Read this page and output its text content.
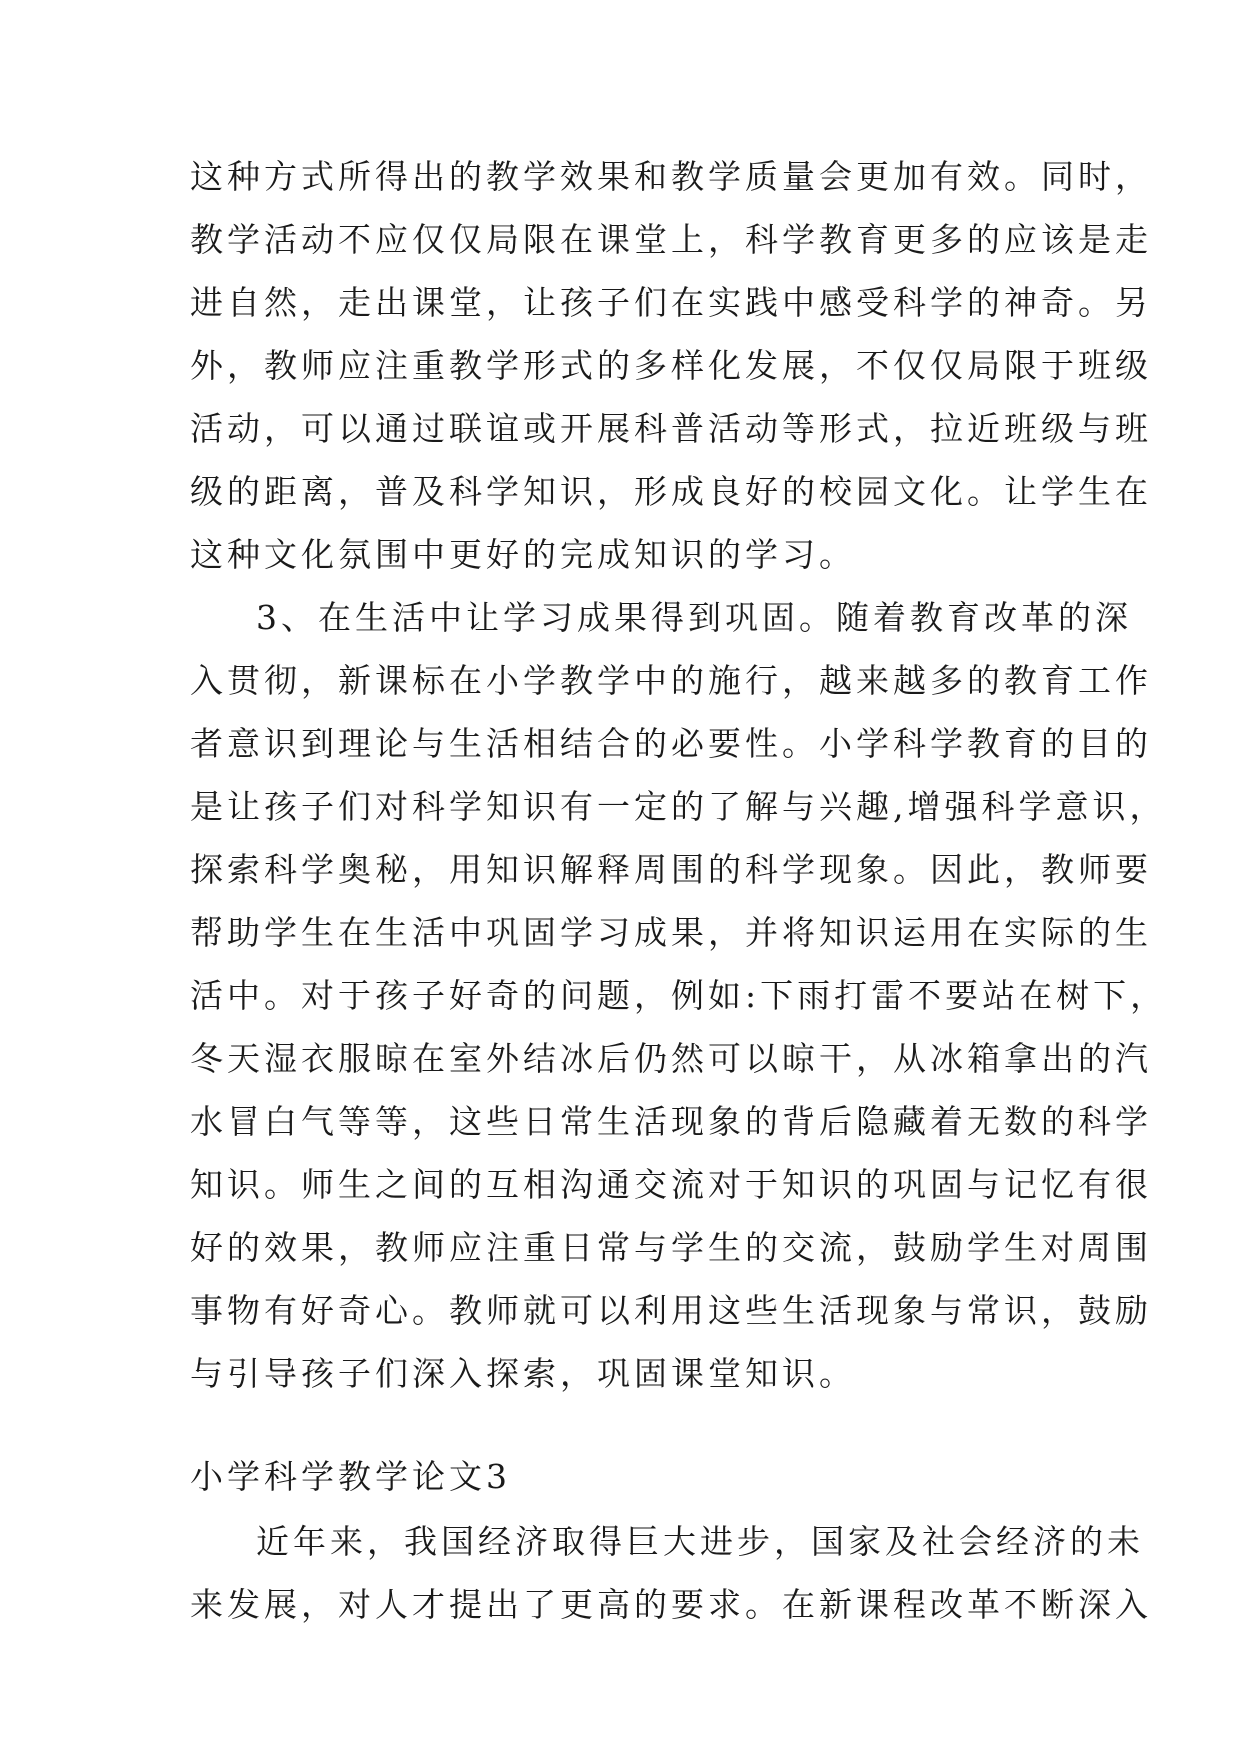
这种方式所得出的教学效果和教学质量会更加有效。同时，
教学活动不应仅仅局限在课堂上，科学教育更多的应该是走
进自然，走出课堂，让孩子们在实践中感受科学的神奇。另
外，教师应注重教学形式的多样化发展，不仅仅局限于班级
活动，可以通过联谊或开展科普活动等形式，拉近班级与班
级的距离，普及科学知识，形成良好的校园文化。让学生在
这种文化氛围中更好的完成知识的学习。
3、在生活中让学习成果得到巩固。随着教育改革的深
入贯彻，新课标在小学教学中的施行，越来越多的教育工作
者意识到理论与生活相结合的必要性。小学科学教育的目的
是让孩子们对科学知识有一定的了解与兴趣,增强科学意识，
探索科学奥秘，用知识解释周围的科学现象。因此，教师要
帮助学生在生活中巩固学习成果，并将知识运用在实际的生
活中。对于孩子好奇的问题，例如:下雨打雷不要站在树下，
冬天湿衣服晾在室外结冰后仍然可以晾干，从冰箱拿出的汽
水冒白气等等，这些日常生活现象的背后隐藏着无数的科学
知识。师生之间的互相沟通交流对于知识的巩固与记忆有很
好的效果，教师应注重日常与学生的交流，鼓励学生对周围
事物有好奇心。教师就可以利用这些生活现象与常识，鼓励
与引导孩子们深入探索，巩固课堂知识。
小学科学教学论文3
近年来，我国经济取得巨大进步，国家及社会经济的未
来发展，对人才提出了更高的要求。在新课程改革不断深入
